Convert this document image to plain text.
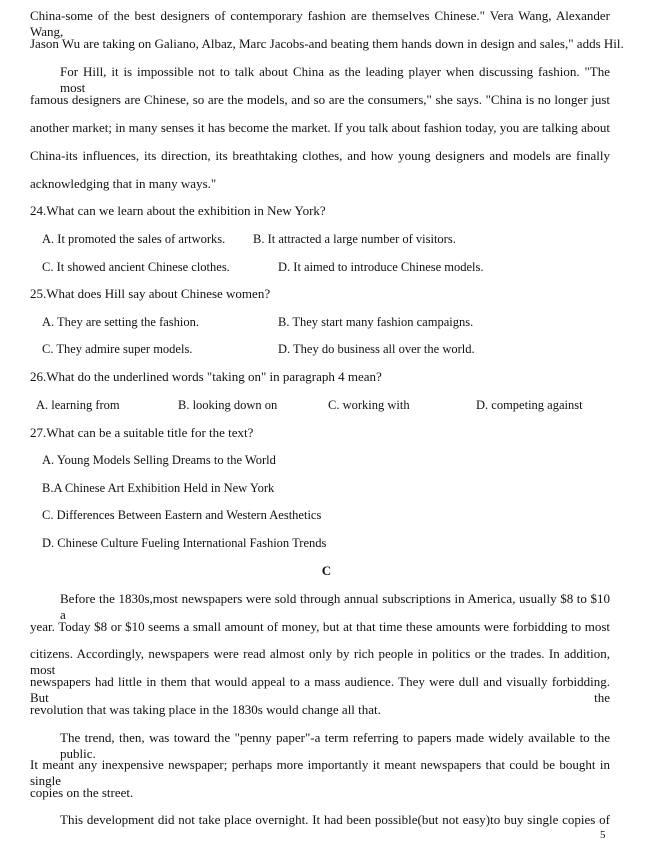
China-some of the best designers of contemporary fashion are themselves Chinese." Vera Wang, Alexander Wang,
Jason Wu are taking on Galiano, Albaz, Marc Jacobs-and beating them hands down in design and sales," adds Hil.
For Hill, it is impossible not to talk about China as the leading player when discussing fashion. "The most
famous designers are Chinese, so are the models, and so are the consumers," she says. "China is no longer just
another market; in many senses it has become the market. If you talk about fashion today, you are talking about
China-its influences, its direction, its breathtaking clothes, and how young designers and models are finally
acknowledging that in many ways."
24.What can we learn about the exhibition in New York?
A. It promoted the sales of artworks. B. It attracted a large number of visitors.
C. It showed ancient Chinese clothes.	D. It aimed to introduce Chinese models.
25.What does Hill say about Chinese women?
A. They are setting the fashion.	B. They start many fashion campaigns.
C. They admire super models.	D. They do business all over the world.
26.What do the underlined words "taking on" in paragraph 4 mean?
A. learning from	B. looking down on	C. working with	D. competing against
27.What can be a suitable title for the text?
A. Young Models Selling Dreams to the World
B.A Chinese Art Exhibition Held in New York
C. Differences Between Eastern and Western Aesthetics
D. Chinese Culture Fueling International Fashion Trends
C
Before the 1830s,most newspapers were sold through annual subscriptions in America, usually $8 to $10 a
year. Today $8 or $10 seems a small amount of money, but at that time these amounts were forbidding to most
citizens. Accordingly, newspapers were read almost only by rich people in politics or the trades. In addition, most
newspapers had little in them that would appeal to a mass audience. They were dull and visually forbidding. But the
revolution that was taking place in the 1830s would change all that.
The trend, then, was toward the "penny paper"-a term referring to papers made widely available to the public.
It meant any inexpensive newspaper; perhaps more importantly it meant newspapers that could be bought in single
copies on the street.
This development did not take place overnight. It had been possible(but not easy)to buy single copies of
5
